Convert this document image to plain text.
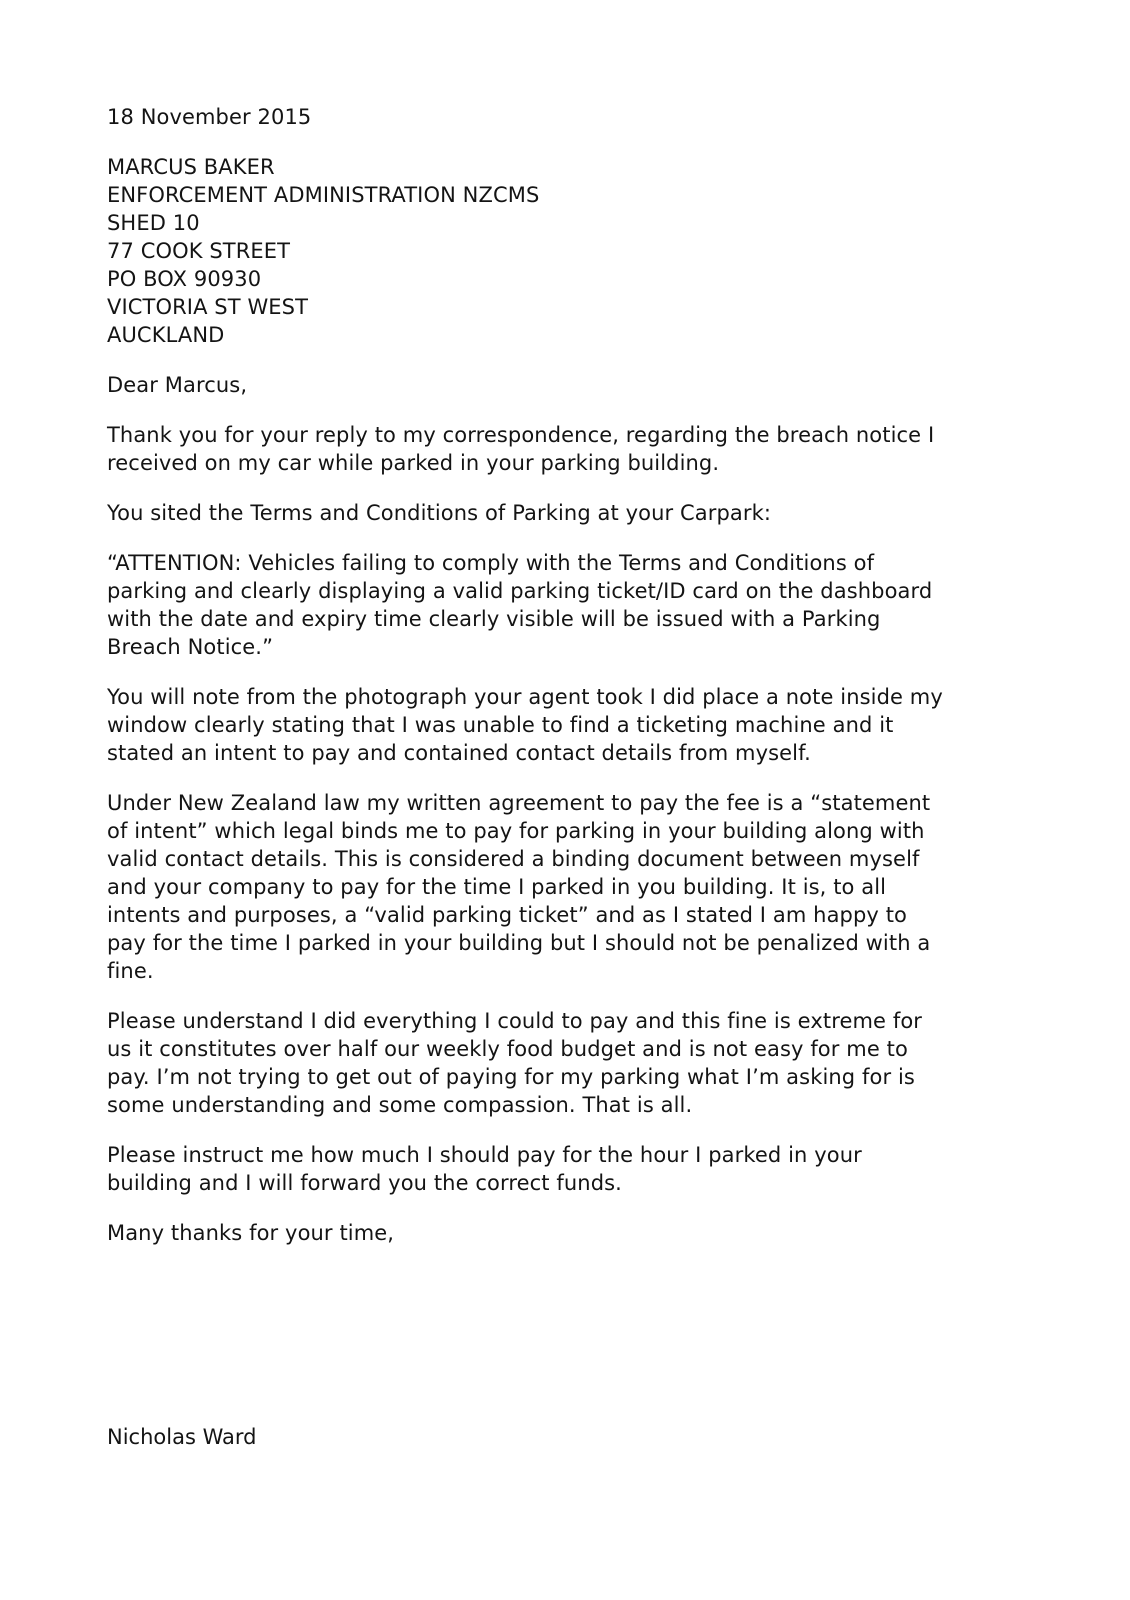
18 November 2015
MARCUS BAKER
ENFORCEMENT ADMINISTRATION NZCMS
SHED 10
77 COOK STREET
PO BOX 90930
VICTORIA ST WEST
AUCKLAND
Dear Marcus,
Thank you for your reply to my correspondence, regarding the breach notice I
received on my car while parked in your parking building.
You sited the Terms and Conditions of Parking at your Carpark:
“ATTENTION: Vehicles failing to comply with the Terms and Conditions of
parking and clearly displaying a valid parking ticket/ID card on the dashboard
with the date and expiry time clearly visible will be issued with a Parking
Breach Notice.”
You will note from the photograph your agent took I did place a note inside my
window clearly stating that I was unable to find a ticketing machine and it
stated an intent to pay and contained contact details from myself.
Under New Zealand law my written agreement to pay the fee is a “statement
of intent” which legal binds me to pay for parking in your building along with
valid contact details. This is considered a binding document between myself
and your company to pay for the time I parked in you building. It is, to all
intents and purposes, a “valid parking ticket” and as I stated I am happy to
pay for the time I parked in your building but I should not be penalized with a
fine.
Please understand I did everything I could to pay and this fine is extreme for
us it constitutes over half our weekly food budget and is not easy for me to
pay. I’m not trying to get out of paying for my parking what I’m asking for is
some understanding and some compassion. That is all.
Please instruct me how much I should pay for the hour I parked in your
building and I will forward you the correct funds.
Many thanks for your time,
Nicholas Ward
